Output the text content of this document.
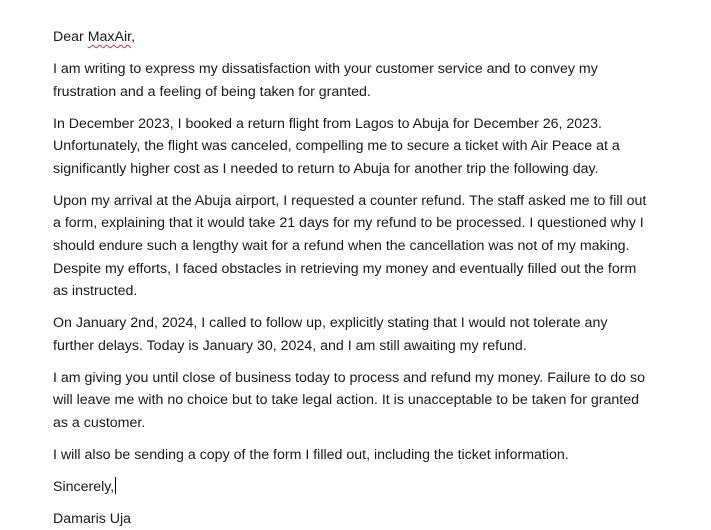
Dear MaxAir,

I am writing to express my dissatisfaction with your customer service and to convey my

frustration and a feeling of being taken for granted.

In December 2023, I booked a return flight from Lagos to Abuja for December 26, 2023.

Unfortunately, the flight was canceled, compelling me to secure a ticket with Air Peace at a

significantly higher cost as I needed to return to Abuja for another trip the following day.

Upon my arrival at the Abuja airport, I requested a counter refund. The staff asked me to fill out

a form, explaining that it would take 21 days for my refund to be processed. I questioned why I

should endure such a lengthy wait for a refund when the cancellation was not of my making.

Despite my efforts, I faced obstacles in retrieving my money and eventually filled out the form

as instructed.

On January 2nd, 2024, I called to follow up, explicitly stating that I would not tolerate any

further delays. Today is January 30, 2024, and I am still awaiting my refund.

I am giving you until close of business today to process and refund my money. Failure to do so

will leave me with no choice but to take legal action. It is unacceptable to be taken for granted

as a customer.

I will also be sending a copy of the form I filled out, including the ticket information.

Sincerely,

Damaris Uja
